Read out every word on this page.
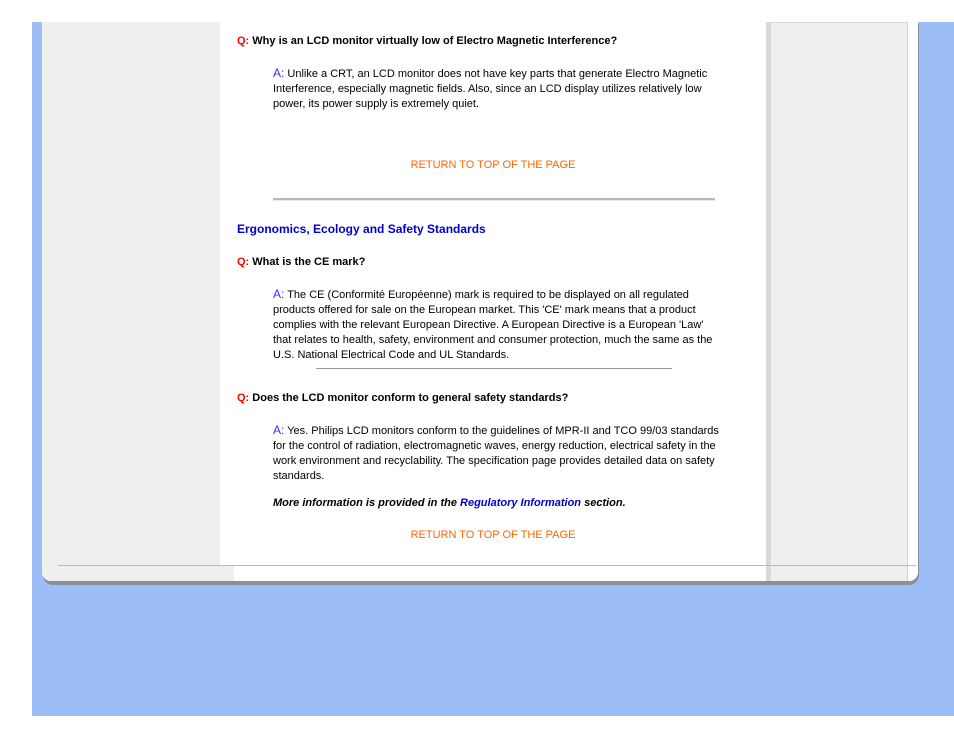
Q: Why is an LCD monitor virtually low of Electro Magnetic Interference?

A: Unlike a CRT, an LCD monitor does not have key parts that generate Electro Magnetic Interference, especially magnetic fields. Also, since an LCD display utilizes relatively low power, its power supply is extremely quiet.

RETURN TO TOP OF THE PAGE

Ergonomics, Ecology and Safety Standards

Q: What is the CE mark?

A: The CE (Conformité Européenne) mark is required to be displayed on all regulated products offered for sale on the European market. This 'CE' mark means that a product complies with the relevant European Directive. A European Directive is a European 'Law' that relates to health, safety, environment and consumer protection, much the same as the U.S. National Electrical Code and UL Standards.

Q: Does the LCD monitor conform to general safety standards?

A: Yes. Philips LCD monitors conform to the guidelines of MPR-II and TCO 99/03 standards for the control of radiation, electromagnetic waves, energy reduction, electrical safety in the work environment and recyclability. The specification page provides detailed data on safety standards.

More information is provided in the Regulatory Information section.

RETURN TO TOP OF THE PAGE
